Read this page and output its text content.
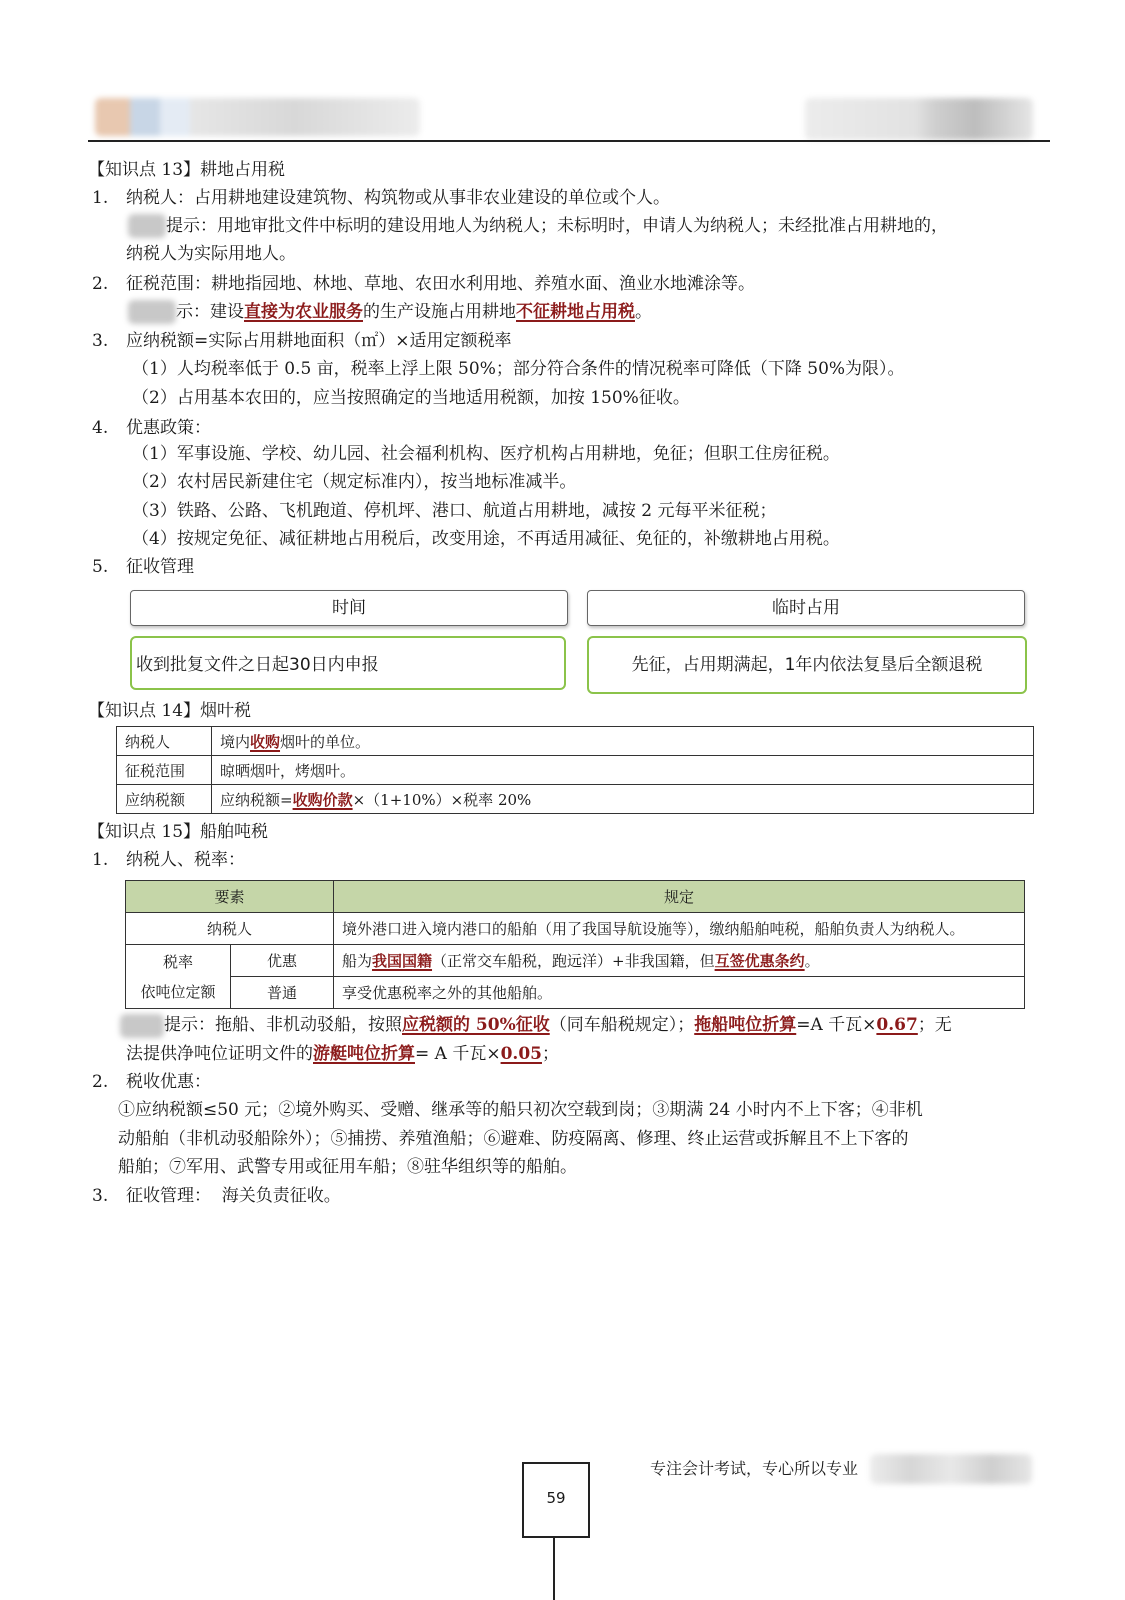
【知识点 13】耕地占用税
1.	纳税人：占用耕地建设建筑物、构筑物或从事非农业建设的单位或个人。
提示：用地审批文件中标明的建设用地人为纳税人；未标明时，申请人为纳税人；未经批准占用耕地的，
纳税人为实际用地人。
2.	征税范围：耕地指园地、林地、草地、农田水利用地、养殖水面、渔业水地滩涂等。
示：建设直接为农业服务的生产设施占用耕地不征耕地占用税。
3.	应纳税额=实际占用耕地面积（㎡）×适用定额税率
（1）人均税率低于 0.5 亩，税率上浮上限 50%；部分符合条件的情况税率可降低（下降 50%为限）。
（2）占用基本农田的，应当按照确定的当地适用税额，加按 150%征收。
4.	优惠政策：
（1）军事设施、学校、幼儿园、社会福利机构、医疗机构占用耕地，免征；但职工住房征税。
（2）农村居民新建住宅（规定标准内），按当地标准减半。
（3）铁路、公路、飞机跑道、停机坪、港口、航道占用耕地，减按 2 元每平米征税；
（4）按规定免征、减征耕地占用税后，改变用途，不再适用减征、免征的，补缴耕地占用税。
5.	征收管理
时间	临时占用
收到批复文件之日起30日内申报	先征，占用期满起，1年内依法复垦后全额退税
【知识点 14】烟叶税
纳税人	境内收购烟叶的单位。
征税范围	晾晒烟叶，烤烟叶。
应纳税额	应纳税额=收购价款×（1+10%）×税率 20%
【知识点 15】船舶吨税
1.	纳税人、税率：
要素		规定
纳税人		境外港口进入境内港口的船舶（用了我国导航设施等），缴纳船舶吨税，船舶负责人为纳税人。

税率
依吨位定额	优惠	船为我国国籍（正常交车船税，跑远洋）+非我国籍，但互签优惠条约。
	普通	享受优惠税率之外的其他船舶。
提示：拖船、非机动驳船，按照应税额的 50%征收（同车船税规定）；拖船吨位折算=A 千瓦×0.67；无
法提供净吨位证明文件的游艇吨位折算= A 千瓦×0.05；
2.	税收优惠：
①应纳税额≤50 元；②境外购买、受赠、继承等的船只初次空载到岗；③期满 24 小时内不上下客；④非机
动船舶（非机动驳船除外）；⑤捕捞、养殖渔船；⑥避难、防疫隔离、修理、终止运营或拆解且不上下客的
船舶；⑦军用、武警专用或征用车船；⑧驻华组织等的船舶。
3.	征收管理：  海关负责征收。
专注会计考试，专心所以专业
59
